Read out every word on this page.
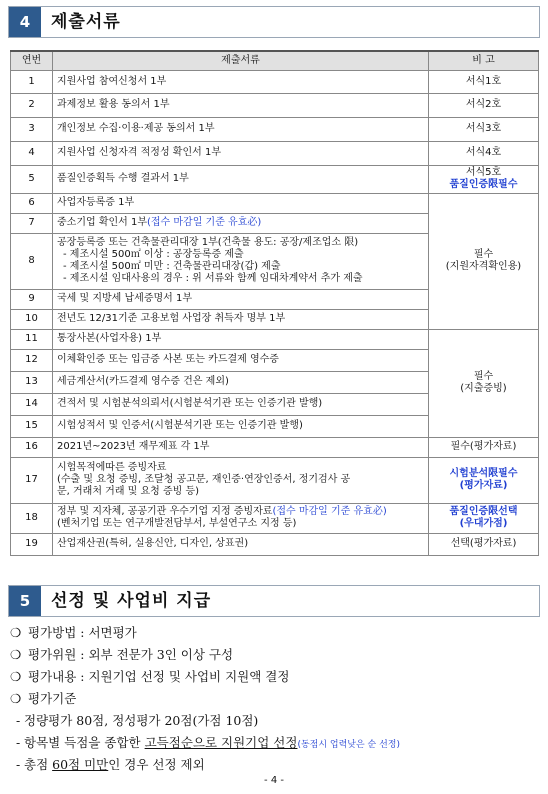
4	제출서류
연번	제출서류	비 고
1	지원사업 참여신청서 1부	서식1호
2	과제정보 활용 동의서 1부	서식2호
3	개인정보 수집·이용·제공 동의서 1부	서식3호
4	지원사업 신청자격 적정성 확인서 1부	서식4호
5	품질인증획득 수행 결과서 1부	서식5호
품질인증限필수

6	사업자등록증 1부	필수
(지원자격확인용)

7	중소기업 확인서 1부(접수 마감일 기준 유효必)	
8	공장등록증 또는 건축물관리대장 1부(건축물 용도: 공장/제조업소 限)
- 제조시설 500㎡ 이상 : 공장등록증 제출
- 제조시설 500㎡ 미만 : 건축물관리대장(갑) 제출
- 제조시설 임대사용의 경우 : 위 서류와 함께 임대차계약서 추가 제출	

9	국세 및 지방세 납세증명서 1부	
10	전년도 12/31기준 고용보험 사업장 취득자 명부 1부	
11	통장사본(사업자용) 1부	필수
(지출증빙)

12	이체확인증 또는 입금증 사본 또는 카드결제 영수증	
13	세금계산서(카드결제 영수증 건은 제외)	
14	견적서 및 시험분석의뢰서(시험분석기관 또는 인증기관 발행)	
15	시험성적서 및 인증서(시험분석기관 또는 인증기관 발행)	
16	2021년~2023년 재무제표 각 1부	필수(평가자료)
17	시험목적에따른 증빙자료
(수출 및 요청 증빙, 조달청 공고문, 재인증·연장인증서, 정기검사 공
문, 거래처 거래 및 요청 증빙 등)	시험분석限필수
(평가자료)

18	정부 및 지자체, 공공기관 우수기업 지정 증빙자료(접수 마감일 기준 유효必)
(벤처기업 또는 연구개발전담부서, 부설연구소 지정 등)	품질인증限선택
(우대가점)

19	산업재산권(특허, 실용신안, 디자인, 상표권)	선택(평가자료)
5	선정 및 사업비 지급
❍ 평가방법 : 서면평가
❍ 평가위원 : 외부 전문가 3인 이상 구성
❍ 평가내용 : 지원기업 선정 및 사업비 지원액 결정
❍ 평가기준
- 정량평가 80점, 정성평가 20점(가점 10점)
- 항목별 득점을 종합한 고득점순으로 지원기업 선정(동점시 업력낮은 순 선정)
- 총점 60점 미만인 경우 선정 제외
- 4 -
